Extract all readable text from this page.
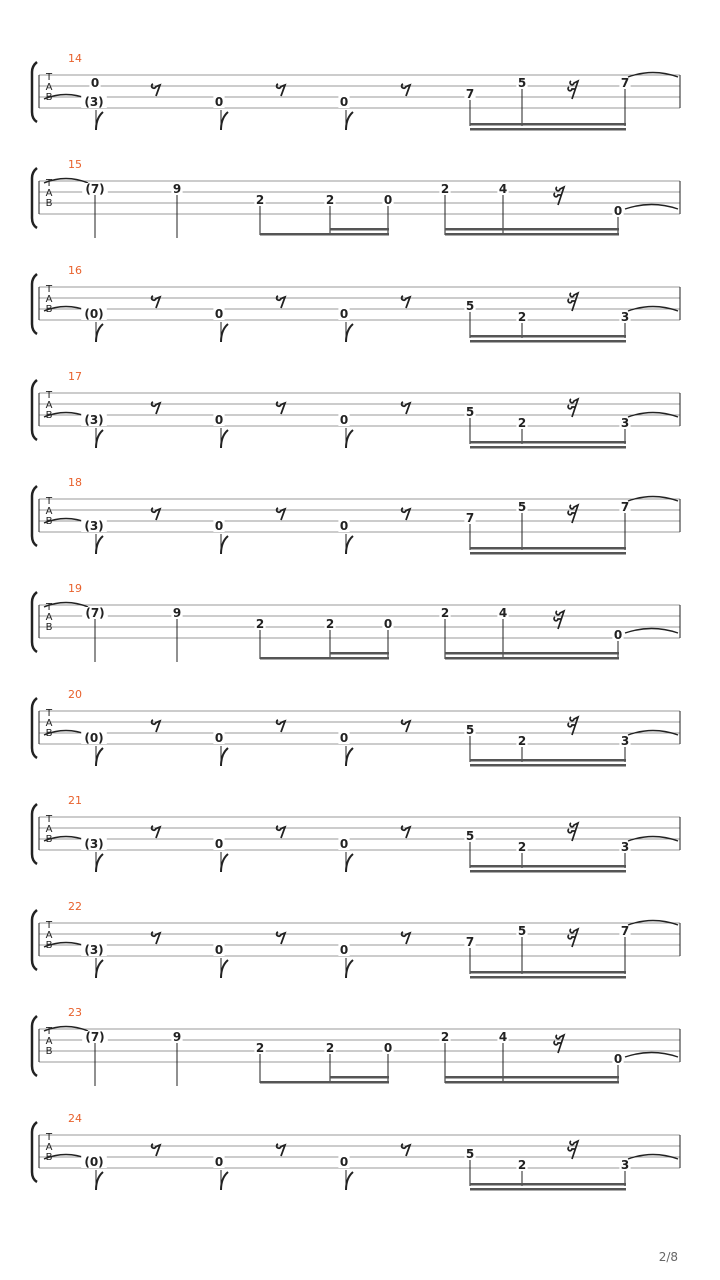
T
A
B
14
0
(3)	0	0
7
5	7
T
A
B
15
(7)	9
2	2	0
2	4
0
T
A
B
16
(0)	0	0
5
2	3
T
A
B
17
(3)	0	0
5
2	3
T
A
B
18
(3)	0	0
7
5	7
T
A
B
19
(7)	9
2	2	0
2	4
0
T
A
B
20
(0)	0	0
5
2	3
T
A
B
21
(3)	0	0
5
2	3
T
A
B
22
(3)	0	0
7
5	7
T
A
B
23
(7)	9
2	2	0
2	4
0
T
A
B
24
(0)	0	0
5
2	3
2/8
